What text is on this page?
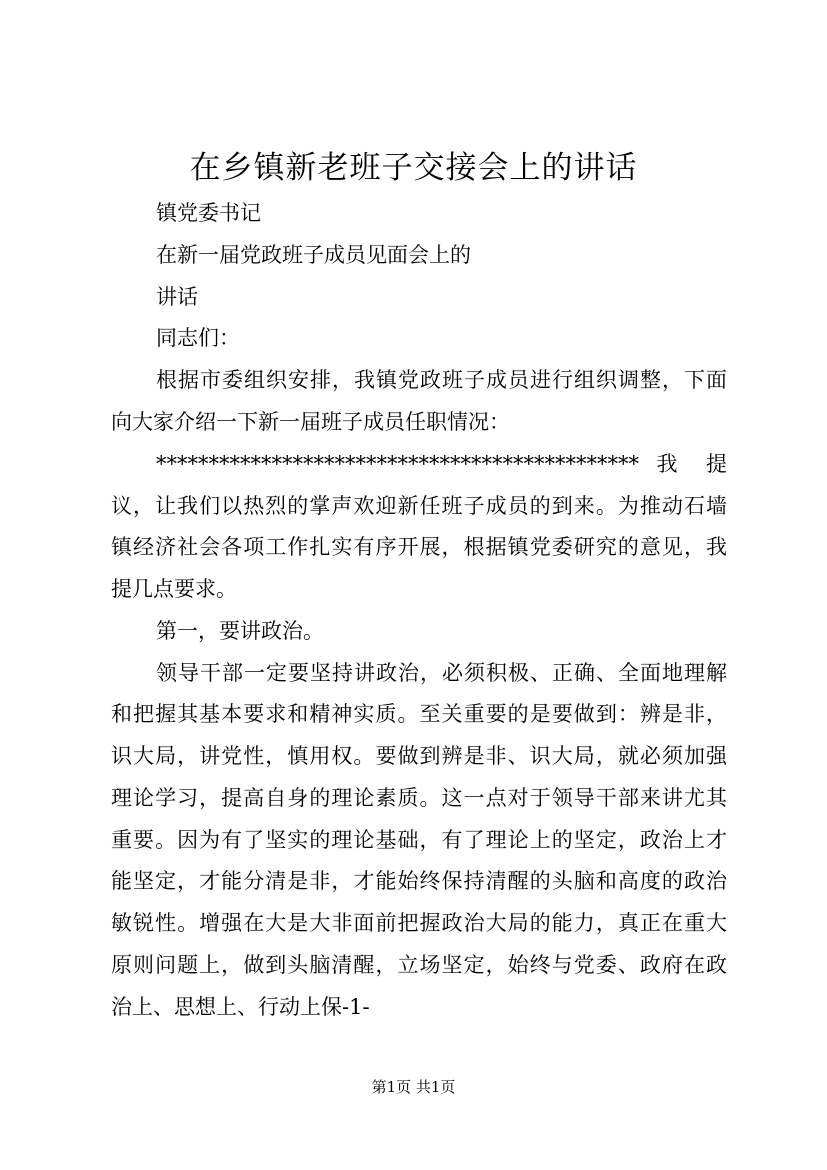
在乡镇新老班子交接会上的讲话
镇党委书记
在新一届党政班子成员见面会上的
讲话
同志们：
根据市委组织安排，我镇党政班子成员进行组织调整，下面
向大家介绍一下新一届班子成员任职情况：
********************************************** 我 提
议，让我们以热烈的掌声欢迎新任班子成员的到来。为推动石墙
镇经济社会各项工作扎实有序开展，根据镇党委研究的意见，我
提几点要求。
第一，要讲政治。
领导干部一定要坚持讲政治，必须积极、正确、全面地理解
和把握其基本要求和精神实质。至关重要的是要做到：辨是非，
识大局，讲党性，慎用权。要做到辨是非、识大局，就必须加强
理论学习，提高自身的理论素质。这一点对于领导干部来讲尤其
重要。因为有了坚实的理论基础，有了理论上的坚定，政治上才
能坚定，才能分清是非，才能始终保持清醒的头脑和高度的政治
敏锐性。增强在大是大非面前把握政治大局的能力，真正在重大
原则问题上，做到头脑清醒，立场坚定，始终与党委、政府在政
治上、思想上、行动上保-1-
第1页 共1页
